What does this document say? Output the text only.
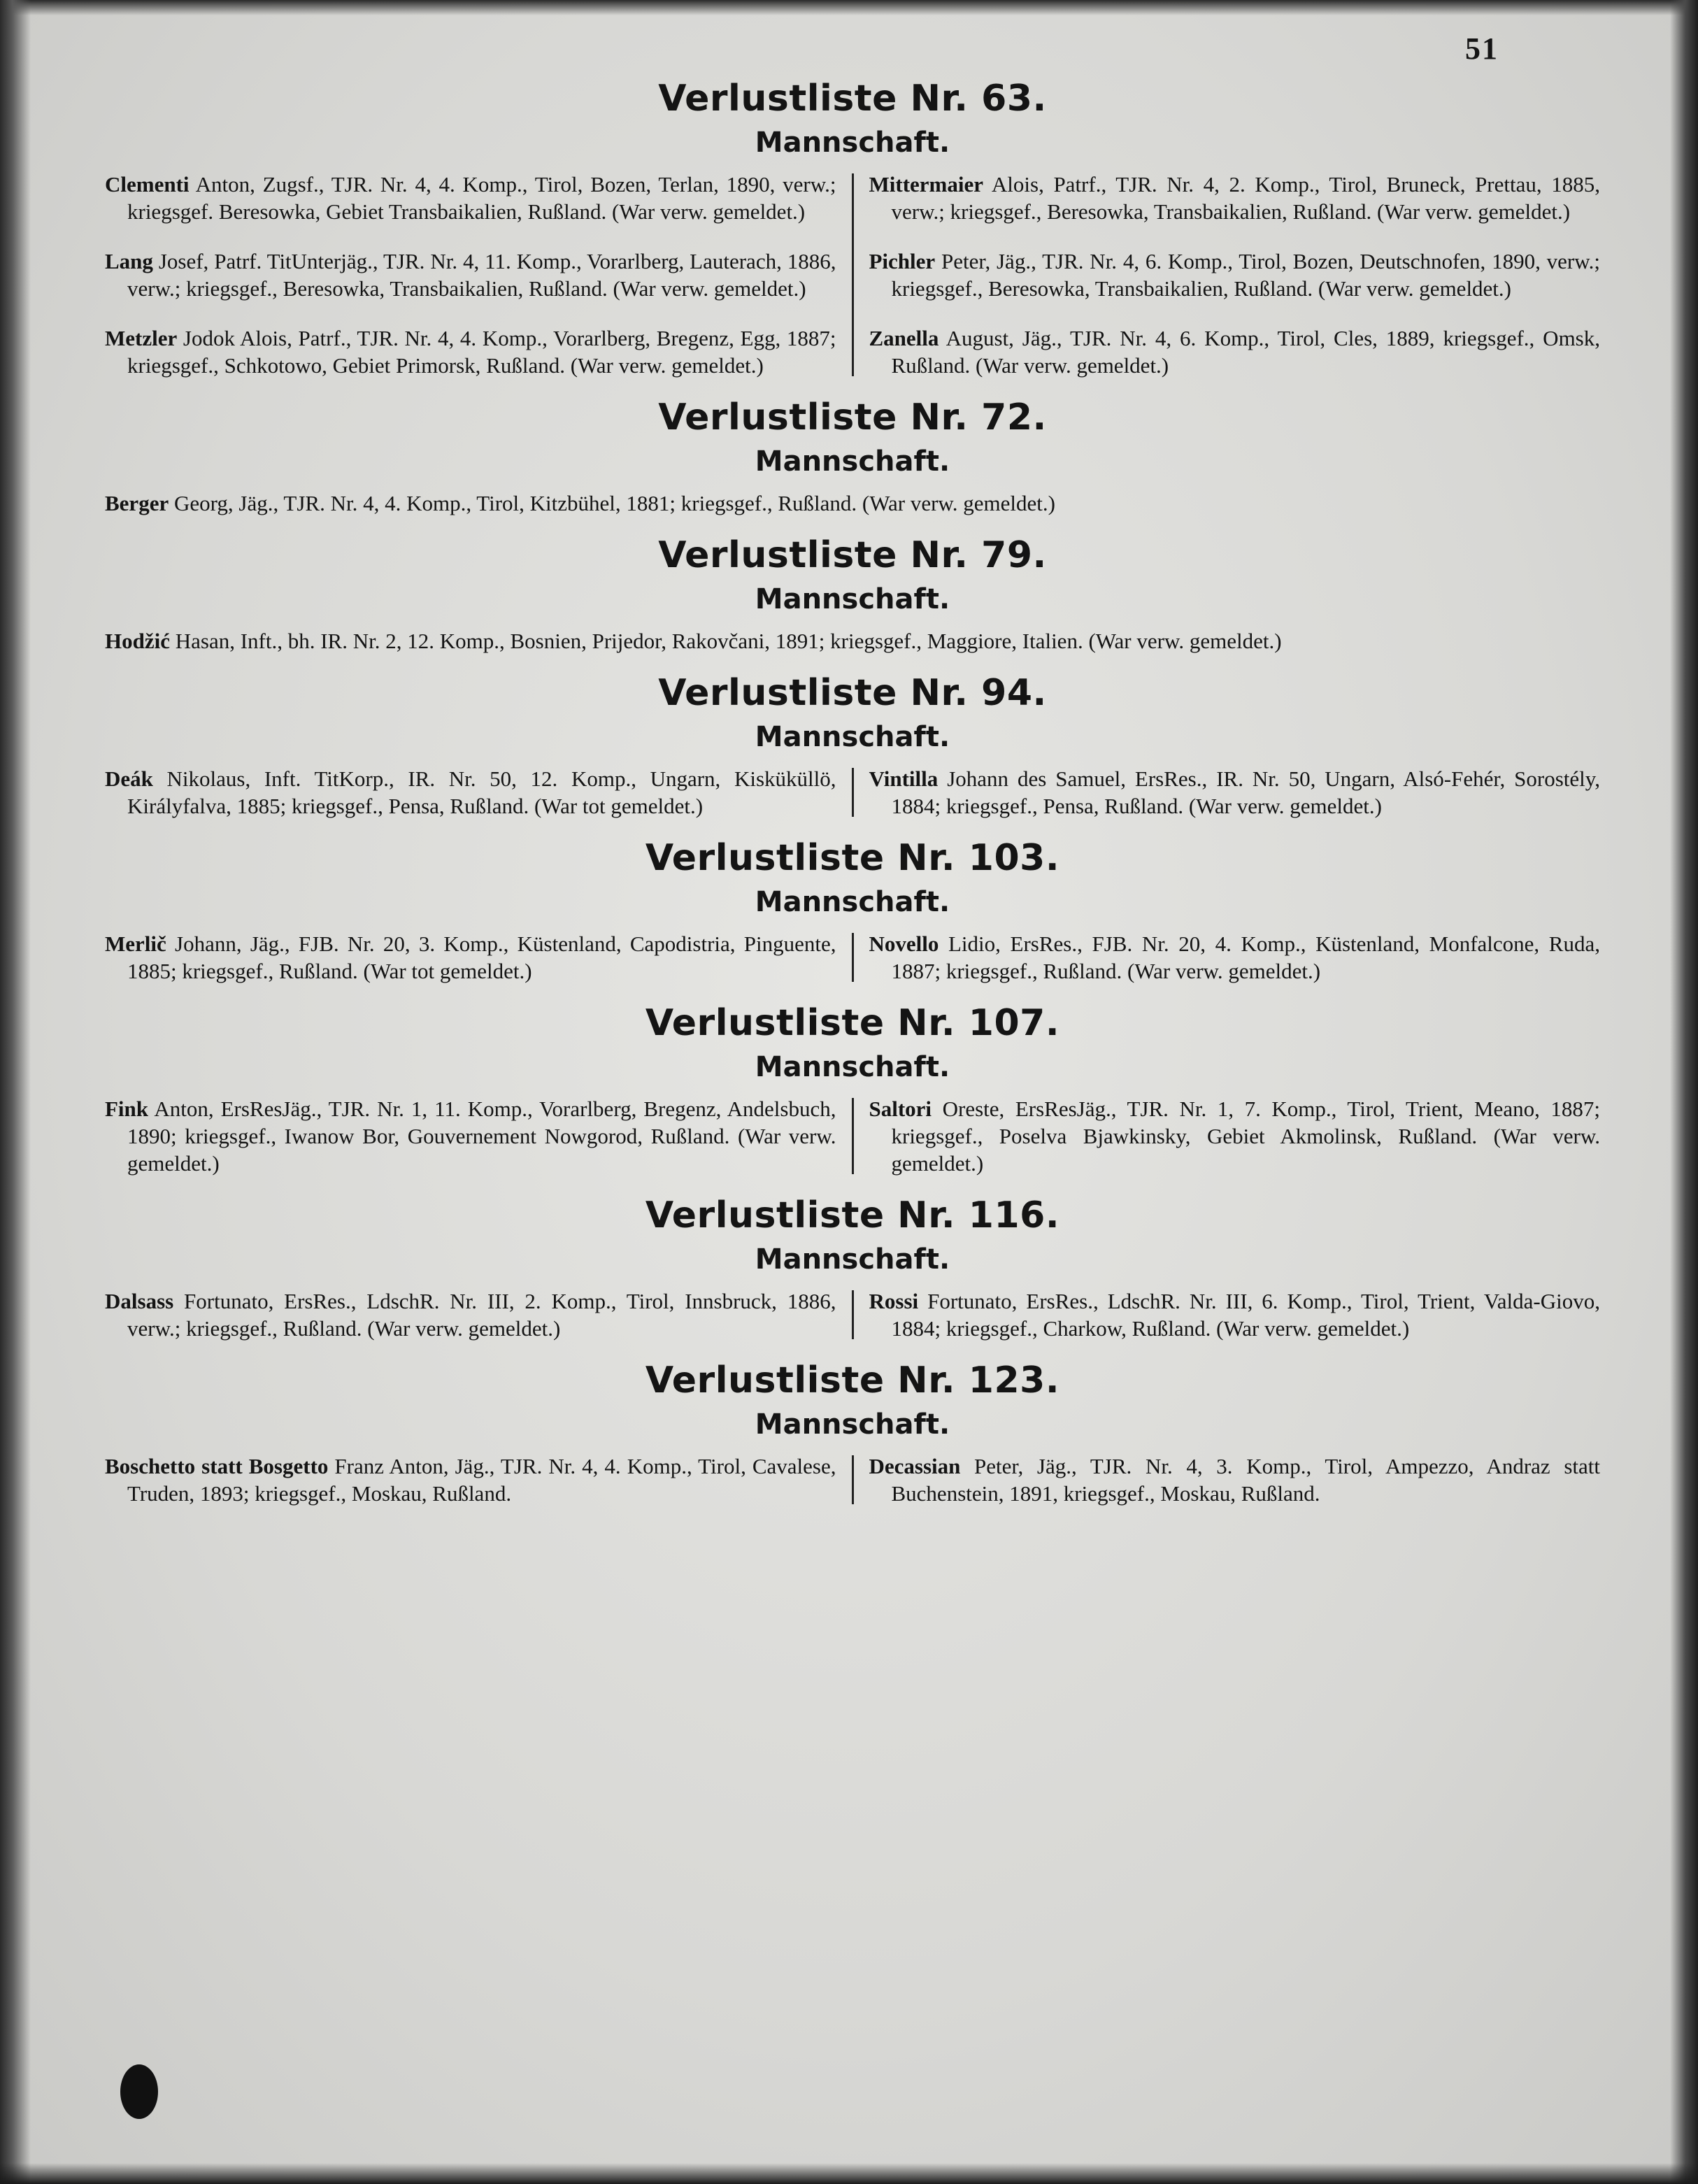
51
Verlustliste Nr. 63.
Mannschaft.

Clementi Anton, Zugsf., TJR. Nr. 4, 4. Komp., Tirol, Bozen, Terlan, 1890, verw.; kriegsgef. Beresowka, Gebiet Transbaikalien, Rußland. (War verw. gemeldet.)

Lang Josef, Patrf. TitUnterjäg., TJR. Nr. 4, 11. Komp., Vorarlberg, Lauterach, 1886, verw.; kriegsgef., Beresowka, Transbaikalien, Rußland. (War verw. gemeldet.)

Metzler Jodok Alois, Patrf., TJR. Nr. 4, 4. Komp., Vorarlberg, Bregenz, Egg, 1887; kriegsgef., Schkotowo, Gebiet Primorsk, Rußland. (War verw. gemeldet.)

Mittermaier Alois, Patrf., TJR. Nr. 4, 2. Komp., Tirol, Bruneck, Prettau, 1885, verw.; kriegsgef., Beresowka, Transbaikalien, Rußland. (War verw. gemeldet.)

Pichler Peter, Jäg., TJR. Nr. 4, 6. Komp., Tirol, Bozen, Deutschnofen, 1890, verw.; kriegsgef., Beresowka, Transbaikalien, Rußland. (War verw. gemeldet.)

Zanella August, Jäg., TJR. Nr. 4, 6. Komp., Tirol, Cles, 1889, kriegsgef., Omsk, Rußland. (War verw. gemeldet.)

Verlustliste Nr. 72.
Mannschaft.

Berger Georg, Jäg., TJR. Nr. 4, 4. Komp., Tirol, Kitzbühel, 1881; kriegsgef., Rußland. (War verw. gemeldet.)

Verlustliste Nr. 79.
Mannschaft.

Hodžić Hasan, Inft., bh. IR. Nr. 2, 12. Komp., Bosnien, Prijedor, Rakovčani, 1891; kriegsgef., Maggiore, Italien. (War verw. gemeldet.)

Verlustliste Nr. 94.
Mannschaft.

Deák Nikolaus, Inft. TitKorp., IR. Nr. 50, 12. Komp., Ungarn, Kisküküllö, Királyfalva, 1885; kriegsgef., Pensa, Rußland. (War tot gemeldet.)

Vintilla Johann des Samuel, ErsRes., IR. Nr. 50, Ungarn, Alsó-Fehér, Sorostély, 1884; kriegsgef., Pensa, Rußland. (War verw. gemeldet.)

Verlustliste Nr. 103.
Mannschaft.

Merlič Johann, Jäg., FJB. Nr. 20, 3. Komp., Küstenland, Capodistria, Pinguente, 1885; kriegsgef., Rußland. (War tot gemeldet.)

Novello Lidio, ErsRes., FJB. Nr. 20, 4. Komp., Küstenland, Monfalcone, Ruda, 1887; kriegsgef., Rußland. (War verw. gemeldet.)

Verlustliste Nr. 107.
Mannschaft.

Fink Anton, ErsResJäg., TJR. Nr. 1, 11. Komp., Vorarlberg, Bregenz, Andelsbuch, 1890; kriegsgef., Iwanow Bor, Gouvernement Nowgorod, Rußland. (War verw. gemeldet.)

Saltori Oreste, ErsResJäg., TJR. Nr. 1, 7. Komp., Tirol, Trient, Meano, 1887; kriegsgef., Poselva Bjawkinsky, Gebiet Akmolinsk, Rußland. (War verw. gemeldet.)

Verlustliste Nr. 116.
Mannschaft.

Dalsass Fortunato, ErsRes., LdschR. Nr. III, 2. Komp., Tirol, Innsbruck, 1886, verw.; kriegsgef., Rußland. (War verw. gemeldet.)

Rossi Fortunato, ErsRes., LdschR. Nr. III, 6. Komp., Tirol, Trient, Valda-Giovo, 1884; kriegsgef., Charkow, Rußland. (War verw. gemeldet.)

Verlustliste Nr. 123.
Mannschaft.

Boschetto statt Bosgetto Franz Anton, Jäg., TJR. Nr. 4, 4. Komp., Tirol, Cavalese, Truden, 1893; kriegsgef., Moskau, Rußland.

Decassian Peter, Jäg., TJR. Nr. 4, 3. Komp., Tirol, Ampezzo, Andraz statt Buchenstein, 1891, kriegsgef., Moskau, Rußland.
